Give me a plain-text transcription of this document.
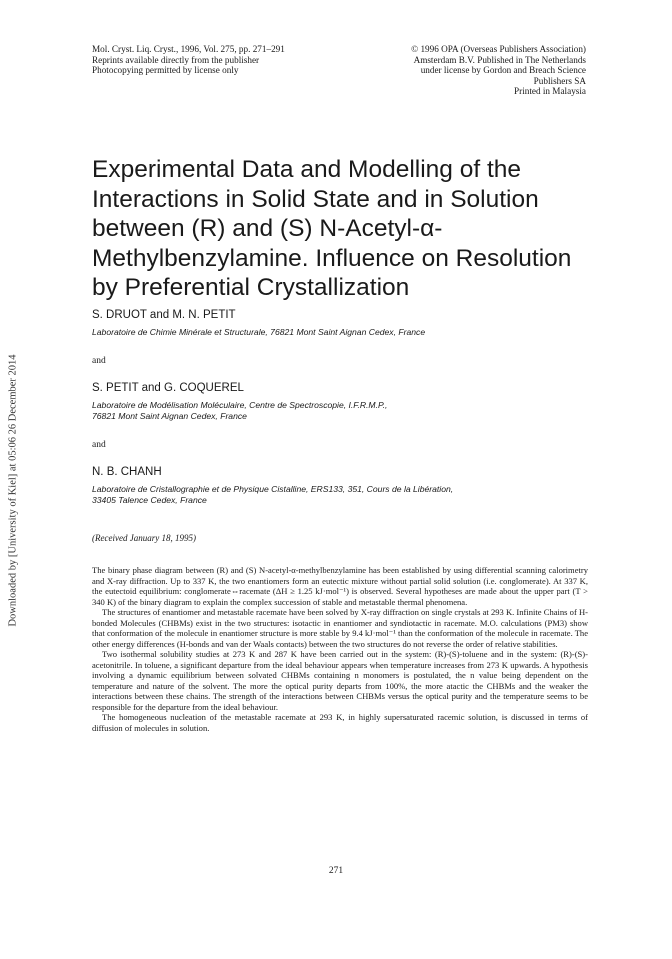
Downloaded by [University of Kiel] at 05:06 26 December 2014
Mol. Cryst. Liq. Cryst., 1996, Vol. 275, pp. 271–291
Reprints available directly from the publisher
Photocopying permitted by license only
© 1996 OPA (Overseas Publishers Association)
Amsterdam B.V. Published in The Netherlands
under license by Gordon and Breach Science
Publishers SA
Printed in Malaysia
Experimental Data and Modelling of the
Interactions in Solid State and in Solution
between (R) and (S) N-Acetyl-α-
Methylbenzylamine. Influence on Resolution
by Preferential Crystallization

S. DRUOT and M. N. PETIT

Laboratoire de Chimie Minérale et Structurale, 76821 Mont Saint Aignan Cedex, France

and

S. PETIT and G. COQUEREL

Laboratoire de Modélisation Moléculaire, Centre de Spectroscopie, I.F.R.M.P.,
76821 Mont Saint Aignan Cedex, France

and

N. B. CHANH

Laboratoire de Cristallographie et de Physique Cistalline, ERS133, 351, Cours de la Libération,
33405 Talence Cedex, France

(Received January 18, 1995)

The binary phase diagram between (R) and (S) N-acetyl-α-methylbenzylamine has been established by using differential scanning calorimetry and X-ray diffraction. Up to 337 K, the two enantiomers form an eutectic mixture without partial solid solution (i.e. conglomerate). At 337 K, the eutectoid equilibrium: conglomerate⇔racemate (ΔH ≥ 1.25 kJ·mol⁻¹) is observed. Several hypotheses are made about the upper part (T > 340 K) of the binary diagram to explain the complex succession of stable and metastable thermal phenomena.

The structures of enantiomer and metastable racemate have been solved by X-ray diffraction on single crystals at 293 K. Infinite Chains of H-bonded Molecules (CHBMs) exist in the two structures: isotactic in enantiomer and syndiotactic in racemate. M.O. calculations (PM3) show that conformation of the molecule in enantiomer structure is more stable by 9.4 kJ·mol⁻¹ than the conformation of the molecule in racemate. The other energy differences (H-bonds and van der Waals contacts) between the two structures do not reverse the order of relative stabilities.

Two isothermal solubility studies at 273 K and 287 K have been carried out in the system: (R)-(S)-toluene and in the system: (R)-(S)-acetonitrile. In toluene, a significant departure from the ideal behaviour appears when temperature increases from 273 K upwards. A hypothesis involving a dynamic equilibrium between solvated CHBMs containing n monomers is postulated, the n value being dependent on the temperature and nature of the solvent. The more the optical purity departs from 100%, the more atactic the CHBMs and the weaker the interactions between these chains. The strength of the interactions between CHBMs versus the optical purity and the temperature seems to be responsible for the departure from the ideal behaviour.

The homogeneous nucleation of the metastable racemate at 293 K, in highly supersaturated racemic solution, is discussed in terms of diffusion of molecules in solution.

271
